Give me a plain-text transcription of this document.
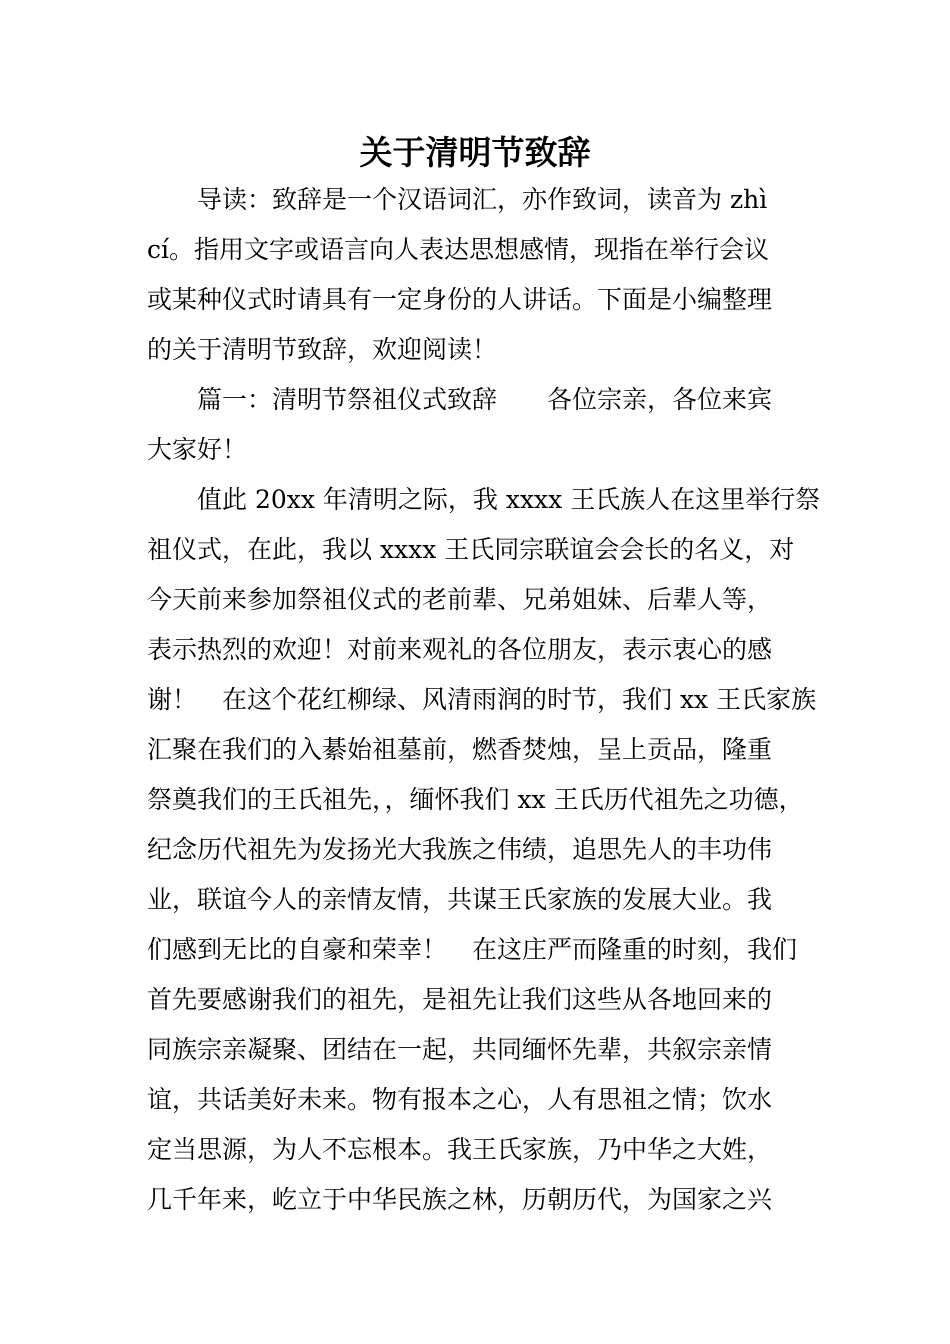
关于清明节致辞
导读：致辞是一个汉语词汇，亦作致词，读音为 zhì
cí。指用文字或语言向人表达思想感情，现指在举行会议
或某种仪式时请具有一定身份的人讲话。下面是小编整理
的关于清明节致辞，欢迎阅读！
篇一：清明节祭祖仪式致辞　　各位宗亲，各位来宾
大家好！
值此 20xx 年清明之际，我 xxxx 王氏族人在这里举行祭
祖仪式，在此，我以 xxxx 王氏同宗联谊会会长的名义，对
今天前来参加祭祖仪式的老前辈、兄弟姐妹、后辈人等，
表示热烈的欢迎！对前来观礼的各位朋友，表示衷心的感
谢！　在这个花红柳绿、风清雨润的时节，我们 xx 王氏家族
汇聚在我们的入綦始祖墓前，燃香焚烛，呈上贡品，隆重
祭奠我们的王氏祖先，，缅怀我们 xx 王氏历代祖先之功德，
纪念历代祖先为发扬光大我族之伟绩，追思先人的丰功伟
业，联谊今人的亲情友情，共谋王氏家族的发展大业。我
们感到无比的自豪和荣幸！　在这庄严而隆重的时刻，我们
首先要感谢我们的祖先，是祖先让我们这些从各地回来的
同族宗亲凝聚、团结在一起，共同缅怀先辈，共叙宗亲情
谊，共话美好未来。物有报本之心，人有思祖之情；饮水
定当思源，为人不忘根本。我王氏家族，乃中华之大姓，
几千年来，屹立于中华民族之林，历朝历代，为国家之兴
